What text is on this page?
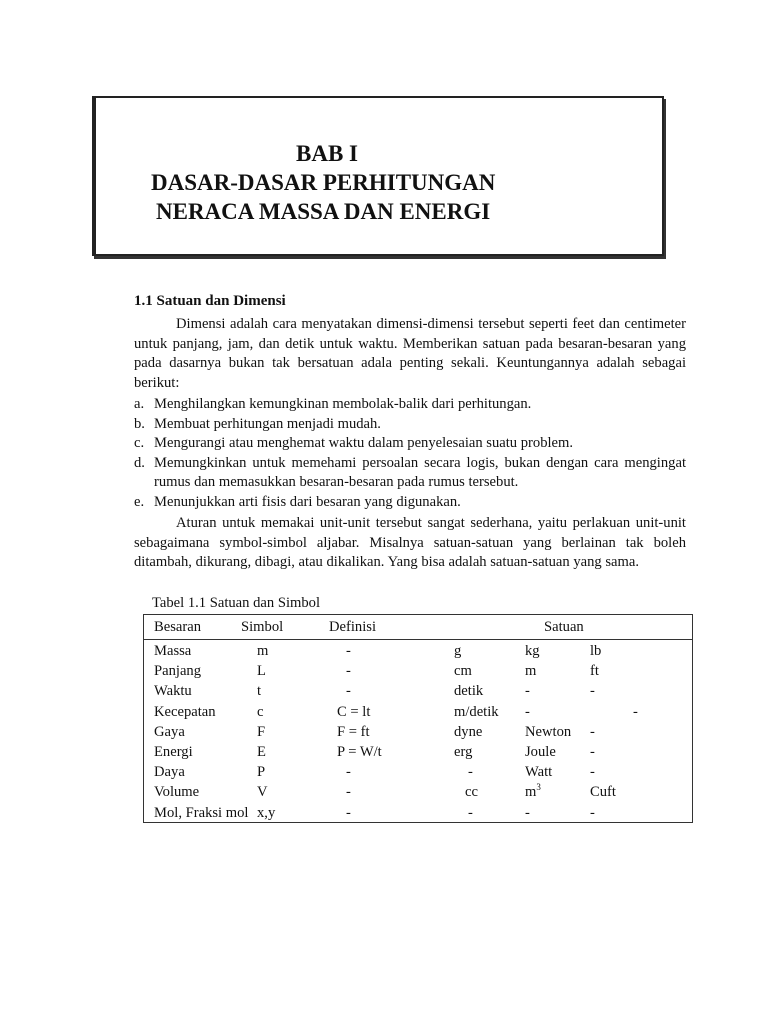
BAB I
DASAR-DASAR PERHITUNGAN
NERACA MASSA DAN ENERGI
1.1 Satuan dan Dimensi
Dimensi adalah cara menyatakan dimensi-dimensi tersebut seperti feet dan centimeter untuk panjang, jam, dan detik untuk waktu. Memberikan satuan pada besaran-besaran yang pada dasarnya bukan tak bersatuan adala penting sekali. Keuntungannya adalah sebagai berikut:
a. Menghilangkan kemungkinan membolak-balik dari perhitungan.
b. Membuat perhitungan menjadi mudah.
c. Mengurangi atau menghemat waktu dalam penyelesaian suatu problem.
d. Memungkinkan untuk memehami persoalan secara logis, bukan dengan cara mengingat rumus dan memasukkan besaran-besaran pada rumus tersebut.
e. Menunjukkan arti fisis dari besaran yang digunakan.
Aturan untuk memakai unit-unit tersebut sangat sederhana, yaitu perlakuan unit-unit sebagaimana symbol-simbol aljabar. Misalnya satuan-satuan yang berlainan tak boleh ditambah, dikurang, dibagi, atau dikalikan. Yang bisa adalah satuan-satuan yang sama.
Tabel 1.1 Satuan dan Simbol
Besaran	Simbol	Definisi	Satuan
Massa	m	-	g	kg	lb
Panjang	L	-	cm	m	ft
Waktu	t	-	detik	-	-
Kecepatan	c	C = lt	m/detik -	-
Gaya	F	F = ft	dyne	Newton -
Energi	E	P = W/t	erg	Joule -
Daya	P	-	-	Watt	-
Volume	V	-	cc	$m^3$	Cuft
Mol, Fraksi mol x,y	-	-	-	-
